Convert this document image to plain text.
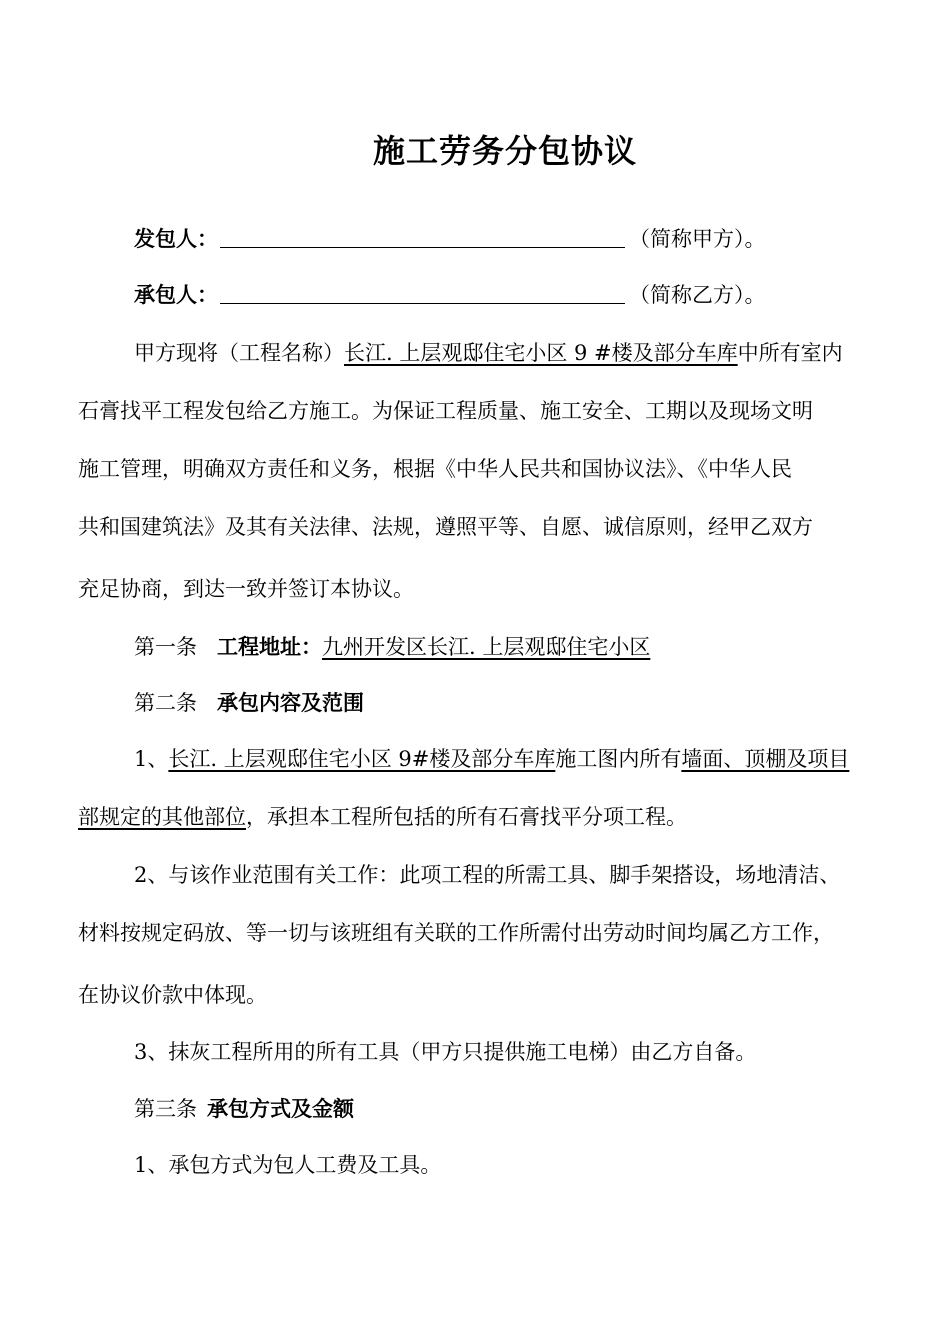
施工劳务分包协议
发包人：	（简称甲方）。
承包人：	（简称乙方）。
甲方现将（工程名称）长江. 上层观邸住宅小区 9 #楼及部分车库中所有室内
石膏找平工程发包给乙方施工。为保证工程质量、施工安全、工期以及现场文明
施工管理，明确双方责任和义务，根据《中华人民共和国协议法》、《中华人民
共和国建筑法》及其有关法律、法规，遵照平等、自愿、诚信原则，经甲乙双方
充足协商，到达一致并签订本协议。
第一条 工程地址：九州开发区长江. 上层观邸住宅小区
第二条 承包内容及范围
1、长江. 上层观邸住宅小区 9#楼及部分车库施工图内所有墙面、顶棚及项目
部规定的其他部位，承担本工程所包括的所有石膏找平分项工程。
2、与该作业范围有关工作：此项工程的所需工具、脚手架搭设，场地清洁、
材料按规定码放、等一切与该班组有关联的工作所需付出劳动时间均属乙方工作，
在协议价款中体现。
3、抹灰工程所用的所有工具（甲方只提供施工电梯）由乙方自备。
第三条 承包方式及金额
1、承包方式为包人工费及工具。
